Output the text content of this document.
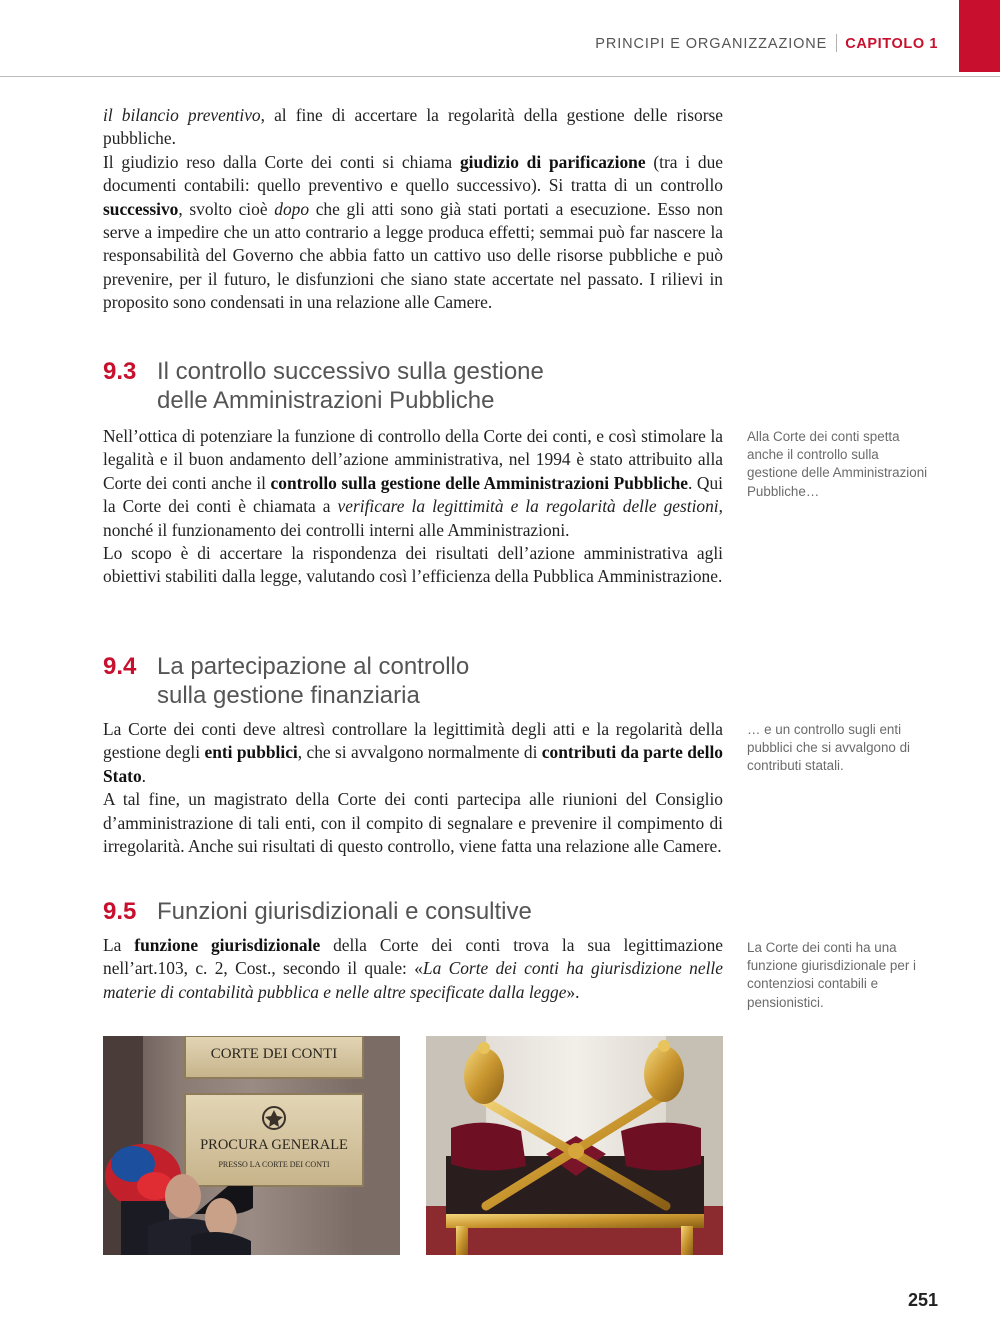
PRINCIPI E ORGANIZZAZIONE CAPITOLO 1

il bilancio preventivo, al fine di accertare la regolarità della gestione delle risorse pubbliche.

Il giudizio reso dalla Corte dei conti si chiama giudizio di parificazione (tra i due documenti contabili: quello preventivo e quello successivo). Si tratta di un controllo successivo, svolto cioè dopo che gli atti sono già stati portati a esecuzione. Esso non serve a impedire che un atto contrario a legge produca effetti; semmai può far nascere la responsabilità del Governo che abbia fatto un cattivo uso delle risorse pubbliche e può prevenire, per il futuro, le disfunzioni che siano state accertate nel passato. I rilievi in proposito sono condensati in una relazione alle Camere.

9.3 Il controllo successivo sulla gestione
delle Amministrazioni Pubbliche

Nell’ottica di potenziare la funzione di controllo della Corte dei conti, e così stimolare la legalità e il buon andamento dell’azione amministrativa, nel 1994 è stato attribuito alla Corte dei conti anche il controllo sulla gestione delle Amministrazioni Pubbliche. Qui la Corte dei conti è chiamata a verificare la legittimità e la regolarità delle gestioni, nonché il funzionamento dei controlli interni alle Amministrazioni.

Lo scopo è di accertare la rispondenza dei risultati dell’azione amministrativa agli obiettivi stabiliti dalla legge, valutando così l’efficienza della Pubblica Amministrazione.

Alla Corte dei conti spetta anche il controllo sulla gestione delle Amministrazioni Pubbliche…
9.4 La partecipazione al controllo
sulla gestione finanziaria

La Corte dei conti deve altresì controllare la legittimità degli atti e la regolarità della gestione degli enti pubblici, che si avvalgono normalmente di contributi da parte dello Stato.

A tal fine, un magistrato della Corte dei conti partecipa alle riunioni del Consiglio d’amministrazione di tali enti, con il compito di segnalare e prevenire il compimento di irregolarità. Anche sui risultati di questo controllo, viene fatta una relazione alle Camere.

… e un controllo sugli enti pubblici che si avvalgono di contributi statali.
9.5 Funzioni giurisdizionali e consultive

La funzione giurisdizionale della Corte dei conti trova la sua legittimazione nell’art.103, c. 2, Cost., secondo il quale: «La Corte dei conti ha giurisdizione nelle materie di contabilità pubblica e nelle altre specificate dalla legge».

La Corte dei conti ha una funzione giurisdizionale per i contenziosi contabili e pensionistici.
CORTE DEI CONTI
PROCURA GENERALE
PRESSO LA CORTE DEI CONTI
251
